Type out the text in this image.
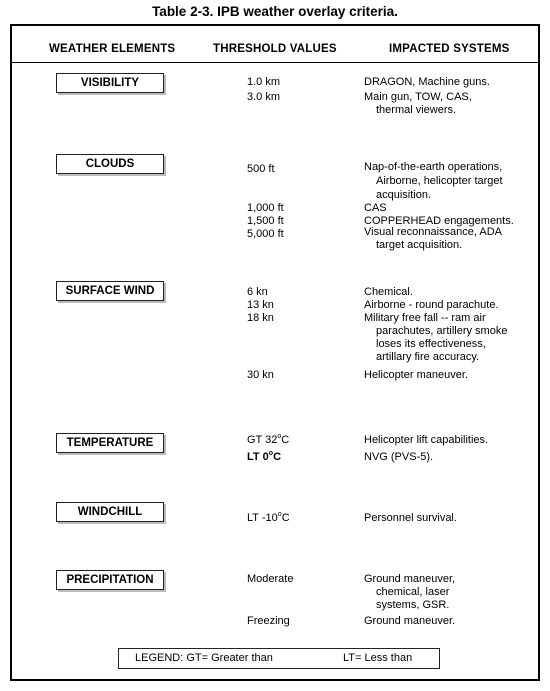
Table 2-3. IPB weather overlay criteria.
WEATHER ELEMENTS	THRESHOLD VALUES	IMPACTED SYSTEMS
VISIBILITY	1.0 km	DRAGON, Machine guns.
3.0 km	Main gun, TOW, CAS,
thermal viewers.
CLOUDS	500 ft	Nap-of-the-earth operations,
Airborne, helicopter target
acquisition.
1,000 ft	CAS
1,500 ft	COPPERHEAD engagements.
5,000 ft	Visual reconnaissance, ADA
target acquisition.
SURFACE WIND	6 kn	Chemical.
13 kn	Airborne - round parachute.
18 kn	Military free fall -- ram air
parachutes, artillery smoke
loses its effectiveness,
artillary fire accuracy.
30 kn	Helicopter maneuver.
TEMPERATURE	GT 32$^o$C	Helicopter lift capabilities.
LT 0$^o$C	NVG (PVS-5).
WINDCHILL	LT -10$^o$C	Personnel survival.
PRECIPITATION	Moderate	Ground maneuver,
chemical, laser
systems, GSR.
Freezing	Ground maneuver.
LEGEND: GT= Greater than	LT= Less than
